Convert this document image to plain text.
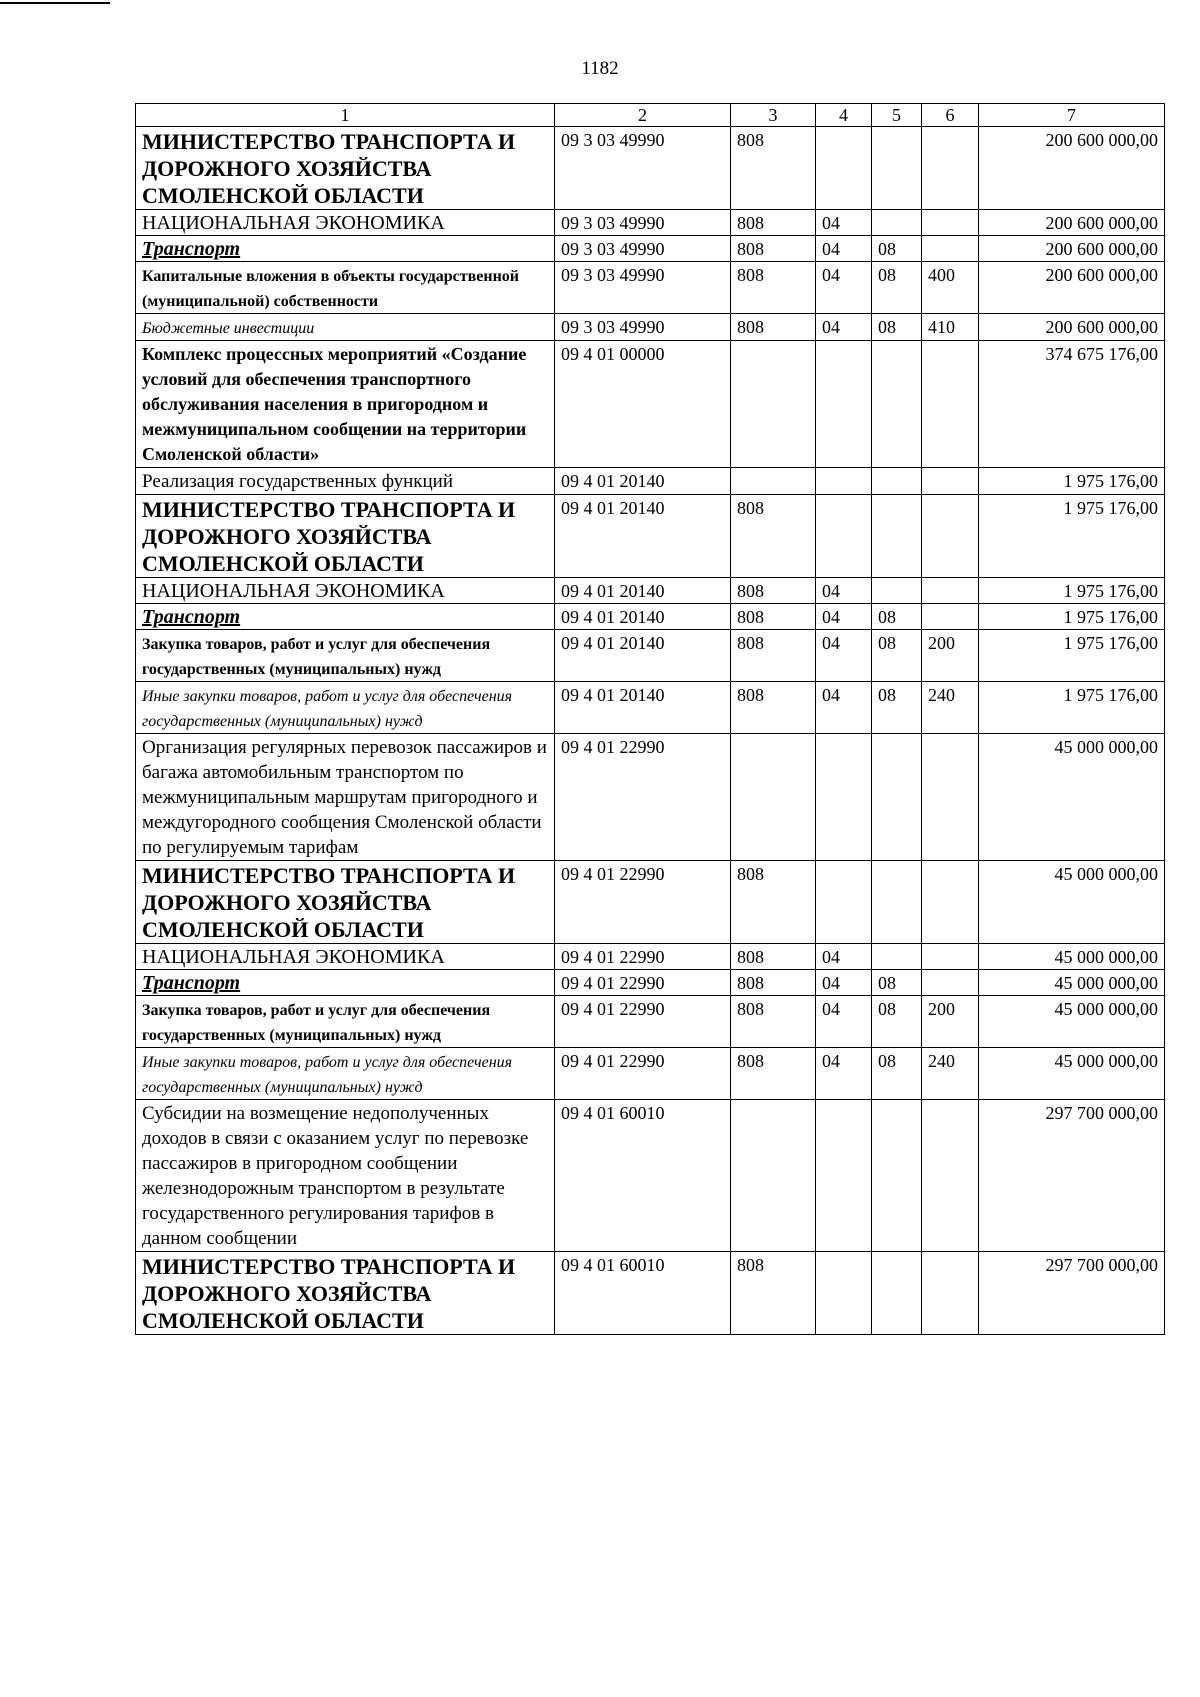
1182
1	2	3	4	5	6	7
МИНИСТЕРСТВО ТРАНСПОРТА И ДОРОЖНОГО ХОЗЯЙСТВА СМОЛЕНСКОЙ ОБЛАСТИ	09 3 03 49990	808				200 600 000,00
НАЦИОНАЛЬНАЯ ЭКОНОМИКА	09 3 03 49990	808	04			200 600 000,00
Транспорт	09 3 03 49990	808	04	08		200 600 000,00
Капитальные вложения в объекты государственной (муниципальной) собственности	09 3 03 49990	808	04	08	400	200 600 000,00
Бюджетные инвестиции	09 3 03 49990	808	04	08	410	200 600 000,00
Комплекс процессных мероприятий «Создание условий для обеспечения транспортного обслуживания населения в пригородном и межмуниципальном сообщении на территории Смоленской области»	09 4 01 00000					374 675 176,00
Реализация государственных функций	09 4 01 20140					1 975 176,00
МИНИСТЕРСТВО ТРАНСПОРТА И ДОРОЖНОГО ХОЗЯЙСТВА СМОЛЕНСКОЙ ОБЛАСТИ	09 4 01 20140	808				1 975 176,00
НАЦИОНАЛЬНАЯ ЭКОНОМИКА	09 4 01 20140	808	04			1 975 176,00
Транспорт	09 4 01 20140	808	04	08		1 975 176,00
Закупка товаров, работ и услуг для обеспечения государственных (муниципальных) нужд	09 4 01 20140	808	04	08	200	1 975 176,00
Иные закупки товаров, работ и услуг для обеспечения государственных (муниципальных) нужд	09 4 01 20140	808	04	08	240	1 975 176,00
Организация регулярных перевозок пассажиров и багажа автомобильным транспортом по межмуниципальным маршрутам пригородного и междугородного сообщения Смоленской области по регулируемым тарифам	09 4 01 22990					45 000 000,00
МИНИСТЕРСТВО ТРАНСПОРТА И ДОРОЖНОГО ХОЗЯЙСТВА СМОЛЕНСКОЙ ОБЛАСТИ	09 4 01 22990	808				45 000 000,00
НАЦИОНАЛЬНАЯ ЭКОНОМИКА	09 4 01 22990	808	04			45 000 000,00
Транспорт	09 4 01 22990	808	04	08		45 000 000,00
Закупка товаров, работ и услуг для обеспечения государственных (муниципальных) нужд	09 4 01 22990	808	04	08	200	45 000 000,00
Иные закупки товаров, работ и услуг для обеспечения государственных (муниципальных) нужд	09 4 01 22990	808	04	08	240	45 000 000,00
Субсидии на возмещение недополученных доходов в связи с оказанием услуг по перевозке пассажиров в пригородном сообщении железнодорожным транспортом в результате государственного регулирования тарифов в данном сообщении	09 4 01 60010					297 700 000,00
МИНИСТЕРСТВО ТРАНСПОРТА И ДОРОЖНОГО ХОЗЯЙСТВА СМОЛЕНСКОЙ ОБЛАСТИ	09 4 01 60010	808				297 700 000,00
